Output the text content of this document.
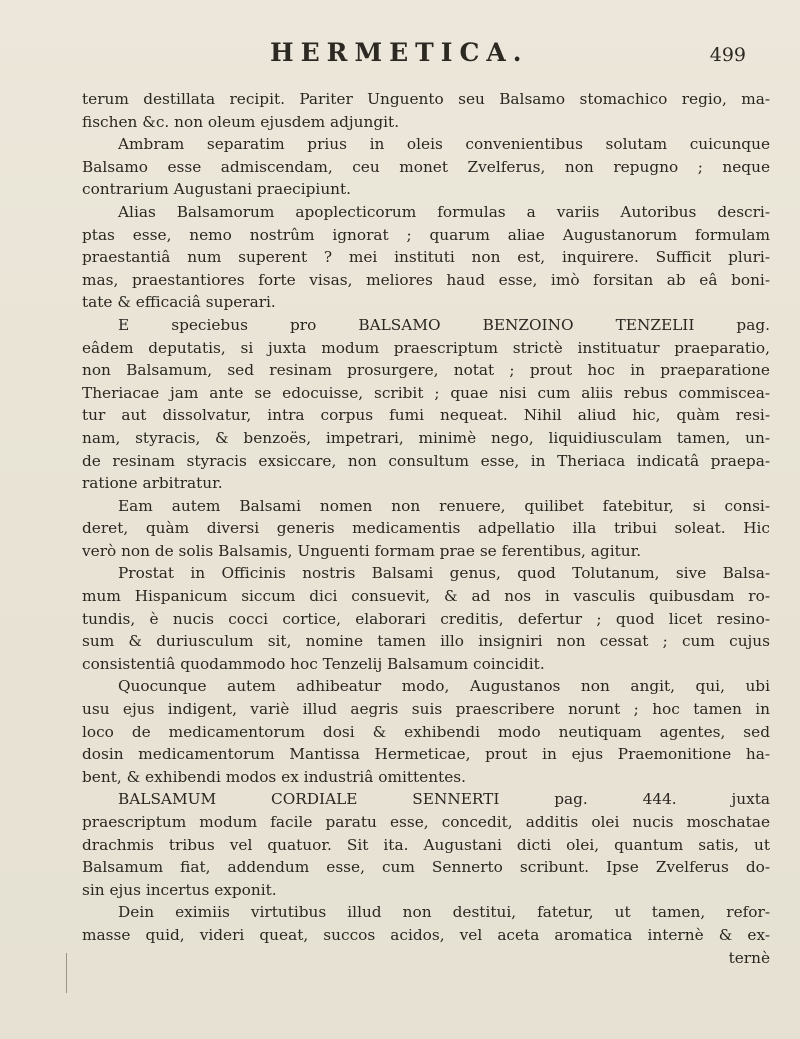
HERMETICA.	499
terum destillata recipit. Pariter Unguento seu Balsamo stomachico regio, ma-
fischen &c. non oleum ejusdem adjungit.
Ambram separatim prius in oleis convenientibus solutam cuicunque
Balsamo esse admiscendam, ceu monet Zvelferus, non repugno ; neque
contrarium Augustani praecipiunt.
Alias Balsamorum apoplecticorum formulas a variis Autoribus descri-
ptas esse, nemo nostrûm ignorat ; quarum aliae Augustanorum formulam
praestantiâ num superent ? mei instituti non est, inquirere. Sufficit pluri-
mas, praestantiores forte visas, meliores haud esse, imò forsitan ab eâ boni-
tate & efficaciâ superari.
E speciebus pro BALSAMO BENZOINO TENZELII pag.
eâdem deputatis, si juxta modum praescriptum strictè instituatur praeparatio,
non Balsamum, sed resinam prosurgere, notat ; prout hoc in praeparatione
Theriacae jam ante se edocuisse, scribit ; quae nisi cum aliis rebus commiscea-
tur aut dissolvatur, intra corpus fumi nequeat. Nihil aliud hic, quàm resi-
nam, styracis, & benzoës, impetrari, minimè nego, liquidiusculam tamen, un-
de resinam styracis exsiccare, non consultum esse, in Theriaca indicatâ praepa-
ratione arbitratur.
Eam autem Balsami nomen non renuere, quilibet fatebitur, si consi-
deret, quàm diversi generis medicamentis adpellatio illa tribui soleat. Hic
verò non de solis Balsamis, Unguenti formam prae se ferentibus, agitur.
Prostat in Officinis nostris Balsami genus, quod Tolutanum, sive Balsa-
mum Hispanicum siccum dici consuevit, & ad nos in vasculis quibusdam ro-
tundis, è nucis cocci cortice, elaborari creditis, defertur ; quod licet resino-
sum & duriusculum sit, nomine tamen illo insigniri non cessat ; cum cujus
consistentiâ quodammodo hoc Tenzelij Balsamum coincidit.
Quocunque autem adhibeatur modo, Augustanos non angit, qui, ubi
usu ejus indigent, variè illud aegris suis praescribere norunt ; hoc tamen in
loco de medicamentorum dosi & exhibendi modo neutiquam agentes, sed
dosin medicamentorum Mantissa Hermeticae, prout in ejus Praemonitione ha-
bent, & exhibendi modos ex industriâ omittentes.
BALSAMUM CORDIALE SENNERTI pag. 444. juxta
praescriptum modum facile paratu esse, concedit, additis olei nucis moschatae
drachmis tribus vel quatuor. Sit ita. Augustani dicti olei, quantum satis, ut
Balsamum fiat, addendum esse, cum Sennerto scribunt. Ipse Zvelferus do-
sin ejus incertus exponit.
Dein eximiis virtutibus illud non destitui, fatetur, ut tamen, refor-
masse quid, videri queat, succos acidos, vel aceta aromatica internè & ex-
ternè
